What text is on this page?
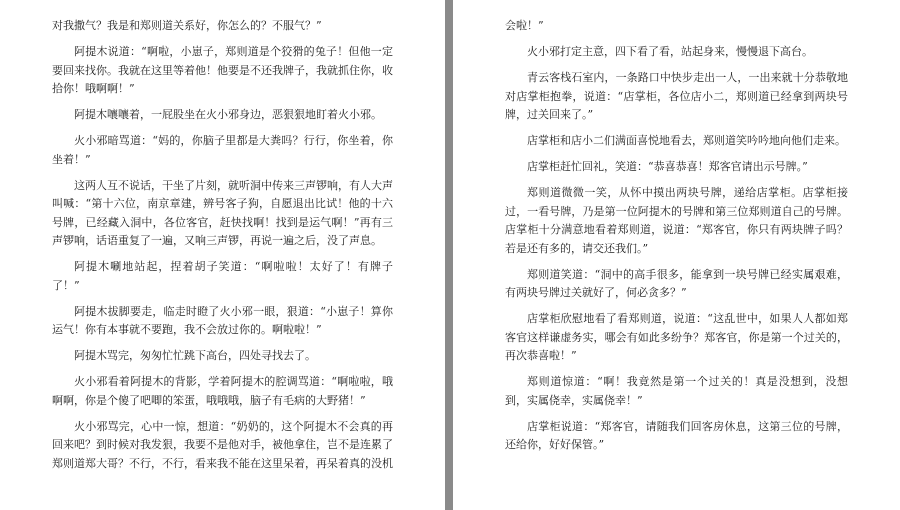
对我撒气？我是和郑则道关系好，你怎么的？不服气？”

阿提木说道：“啊啦，小崽子，郑则道是个狡猾的兔子！但他一定要回来找你。我就在这里等着他！他要是不还我牌子，我就抓住你，收拾你！哦啊啊！”

阿提木嚷嚷着，一屁股坐在火小邪身边，恶狠狠地盯着火小邪。

火小邪暗骂道：“妈的，你脑子里都是大粪吗？行行，你坐着，你坐着！”

这两人互不说话，干坐了片刻，就听洞中传来三声锣响，有人大声叫喊：“第十六位，南京章建，辨号客子狗，自愿退出比试！他的十六号牌，已经藏入洞中，各位客官，赶快找啊！找到是运气啊！”再有三声锣响，话语重复了一遍，又响三声锣，再说一遍之后，没了声息。

阿提木唰地站起，捏着胡子笑道：“啊啦啦！太好了！有牌子了！”

阿提木拔脚要走，临走时瞪了火小邪一眼，狠道：“小崽子！算你运气！你有本事就不要跑，我不会放过你的。啊啦啦！”

阿提木骂完，匆匆忙忙跳下高台，四处寻找去了。

火小邪看着阿提木的背影，学着阿提木的腔调骂道：“啊啦啦，哦啊啊，你是个傻了吧唧的笨蛋，哦哦哦，脑子有毛病的大野猪！”

火小邪骂完，心中一惊，想道：“奶奶的，这个阿提木不会真的再回来吧？到时候对我发狠，我要不是他对手，被他拿住，岂不是连累了郑则道郑大哥？不行，不行，看来我不能在这里呆着，再呆着真的没机

会啦！”

火小邪打定主意，四下看了看，站起身来，慢慢退下高台。

青云客栈石室内，一条路口中快步走出一人，一出来就十分恭敬地对店掌柜抱拳，说道：“店掌柜，各位店小二，郑则道已经拿到两块号牌，过关回来了。”

店掌柜和店小二们满面喜悦地看去，郑则道笑吟吟地向他们走来。

店掌柜赶忙回礼，笑道：“恭喜恭喜！郑客官请出示号牌。”

郑则道微微一笑，从怀中摸出两块号牌，递给店掌柜。店掌柜接过，一看号牌，乃是第一位阿提木的号牌和第三位郑则道自己的号牌。店掌柜十分满意地看着郑则道，说道：“郑客官，你只有两块牌子吗？若是还有多的，请交还我们。”

郑则道笑道：“洞中的高手很多，能拿到一块号牌已经实属艰难，有两块号牌过关就好了，何必贪多？”

店掌柜欣慰地看了看郑则道，说道：“这乱世中，如果人人都如郑客官这样谦虚务实，哪会有如此多纷争？郑客官，你是第一个过关的，再次恭喜啦！”

郑则道惊道：“啊！我竟然是第一个过关的！真是没想到，没想到，实属侥幸，实属侥幸！”

店掌柜说道：“郑客官，请随我们回客房休息，这第三位的号牌，还给你，好好保管。”
